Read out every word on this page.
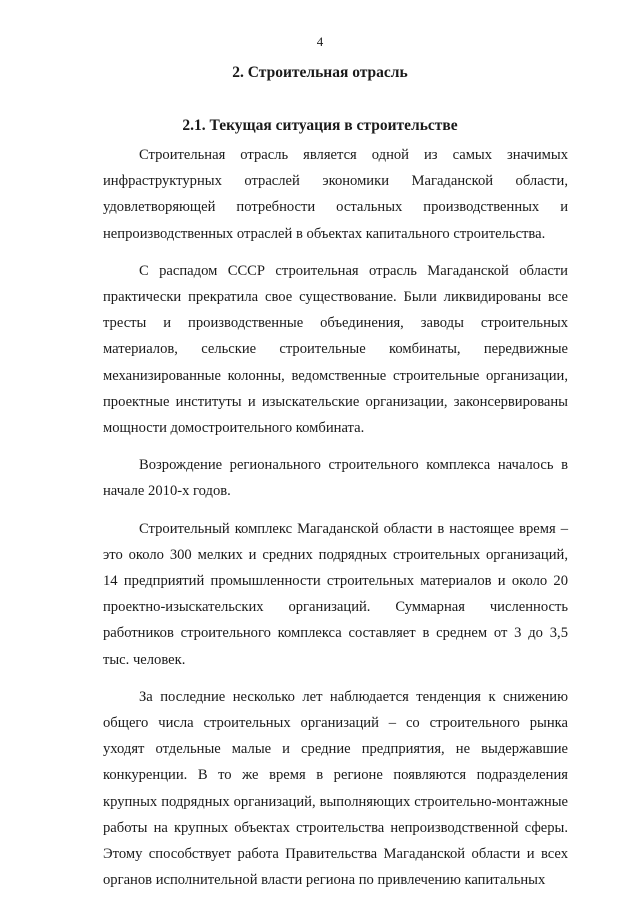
4
2. Строительная отрасль
2.1. Текущая ситуация в строительстве

Строительная отрасль является одной из самых значимых инфраструктурных отраслей экономики Магаданской области, удовлетворяющей потребности остальных производственных и непроизводственных отраслей в объектах капитального строительства.

С распадом СССР строительная отрасль Магаданской области практически прекратила свое существование. Были ликвидированы все тресты и производственные объединения, заводы строительных материалов, сельские строительные комбинаты, передвижные механизированные колонны, ведомственные строительные организации, проектные институты и изыскательские организации, законсервированы мощности домостроительного комбината.

Возрождение регионального строительного комплекса началось в начале 2010-х годов.

Строительный комплекс Магаданской области в настоящее время – это около 300 мелких и средних подрядных строительных организаций, 14 предприятий промышленности строительных материалов и около 20 проектно-изыскательских организаций. Суммарная численность работников строительного комплекса составляет в среднем от 3 до 3,5 тыс. человек.

За последние несколько лет наблюдается тенденция к снижению общего числа строительных организаций – со строительного рынка уходят отдельные малые и средние предприятия, не выдержавшие конкуренции. В то же время в регионе появляются подразделения крупных подрядных организаций, выполняющих строительно-монтажные работы на крупных объектах строительства непроизводственной сферы. Этому способствует работа Правительства Магаданской области и всех органов исполнительной власти региона по привлечению капитальных
